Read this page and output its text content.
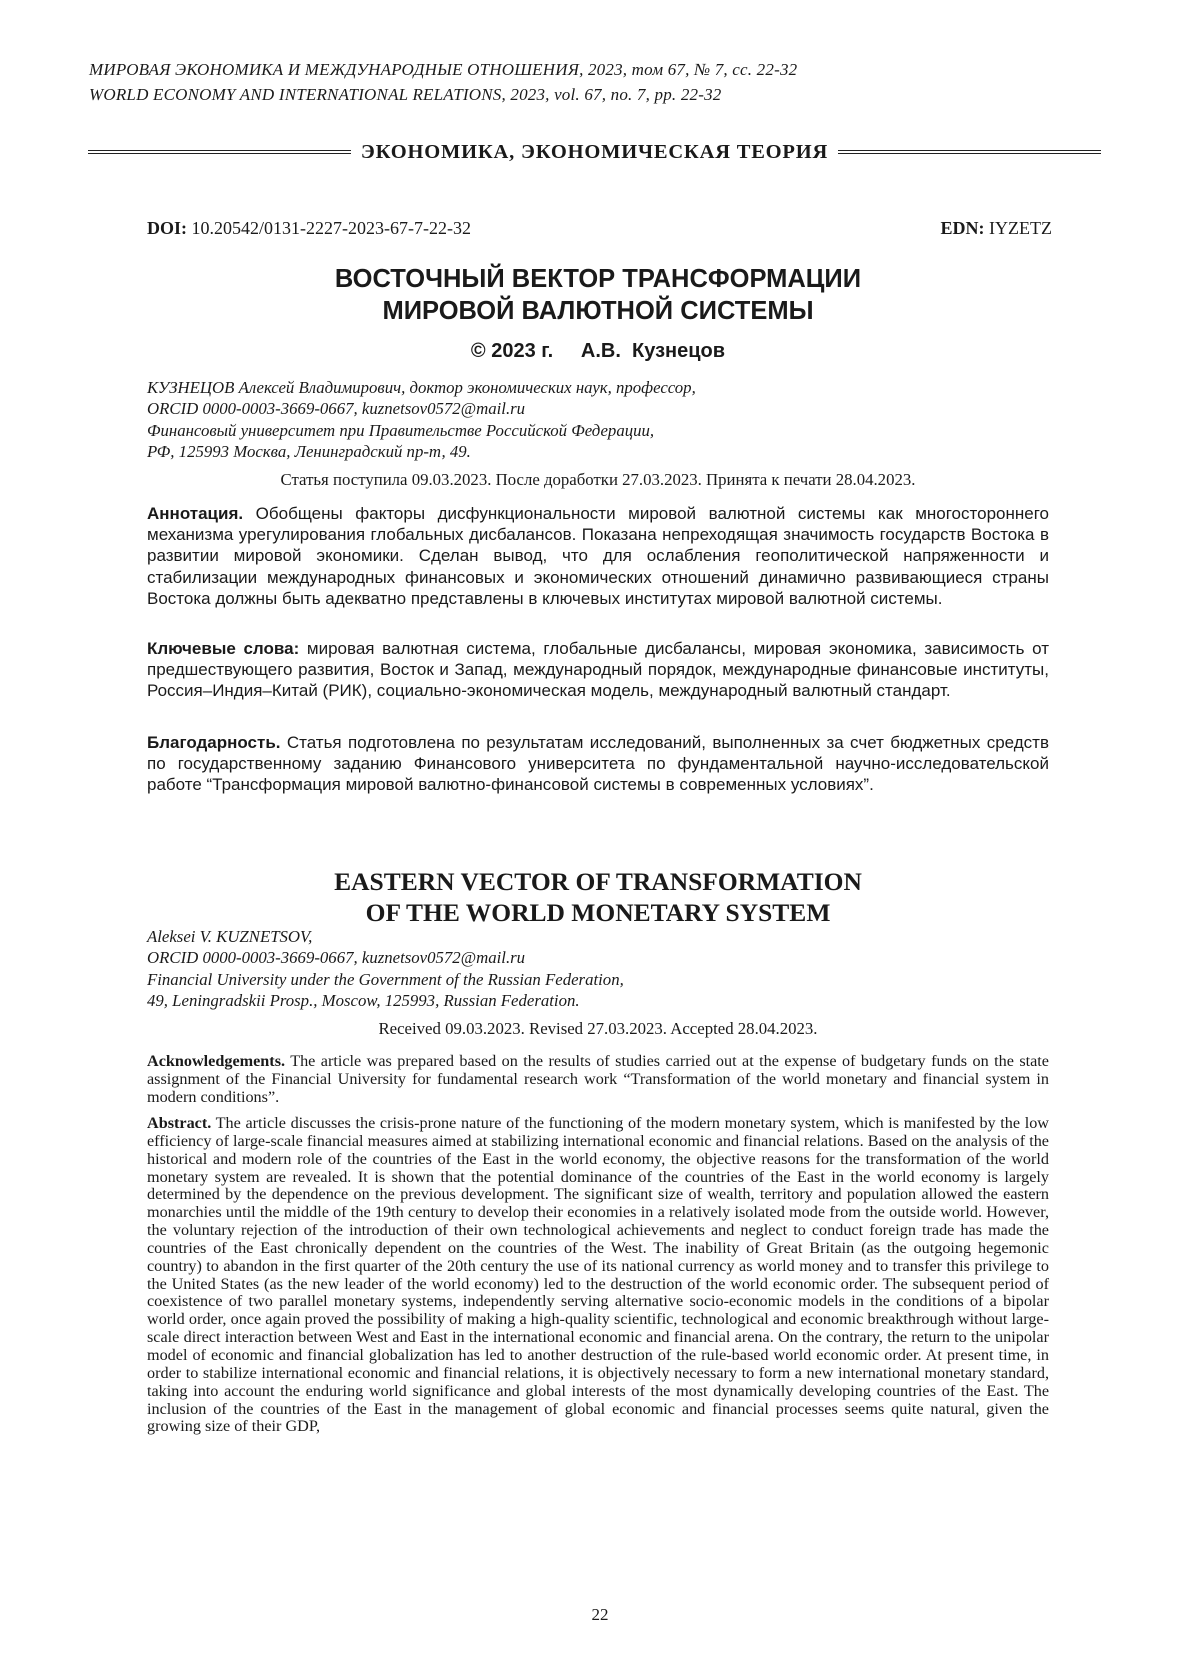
МИРОВАЯ ЭКОНОМИКА И МЕЖДУНАРОДНЫЕ ОТНОШЕНИЯ, 2023, том 67, № 7, сс. 22-32
WORLD ECONOMY AND INTERNATIONAL RELATIONS, 2023, vol. 67, no. 7, pp. 22-32
ЭКОНОМИКА, ЭКОНОМИЧЕСКАЯ ТЕОРИЯ
DOI: 10.20542/0131-2227-2023-67-7-22-32	EDN: IYZETZ
ВОСТОЧНЫЙ ВЕКТОР ТРАНСФОРМАЦИИ
МИРОВОЙ ВАЛЮТНОЙ СИСТЕМЫ
© 2023 г.     А.В.  Кузнецов
КУЗНЕЦОВ Алексей Владимирович, доктор экономических наук, профессор,
ORCID 0000-0003-3669-0667, kuznetsov0572@mail.ru
Финансовый университет при Правительстве Российской Федерации,
РФ, 125993 Москва, Ленинградский пр-т, 49.
Статья поступила 09.03.2023. После доработки 27.03.2023. Принята к печати 28.04.2023.
Аннотация. Обобщены факторы дисфункциональности мировой валютной системы как многостороннего механизма урегулирования глобальных дисбалансов. Показана непреходящая значимость государств Востока в развитии мировой экономики. Сделан вывод, что для ослабления геополитической напряженности и стабилизации международных финансовых и экономических отношений динамично развивающиеся страны Востока должны быть адекватно представлены в ключевых институтах мировой валютной системы.
Ключевые слова: мировая валютная система, глобальные дисбалансы, мировая экономика, зависимость от предшествующего развития, Восток и Запад, международный порядок, международные финансовые институты, Россия–Индия–Китай (РИК), социально-экономическая модель, международный валютный стандарт.
Благодарность. Статья подготовлена по результатам исследований, выполненных за счет бюджетных средств по государственному заданию Финансового университета по фундаментальной научно-исследовательской работе “Трансформация мировой валютно-финансовой системы в современных условиях”.
EASTERN VECTOR OF TRANSFORMATION
OF THE WORLD MONETARY SYSTEM
Aleksei V. KUZNETSOV,
ORCID 0000-0003-3669-0667, kuznetsov0572@mail.ru
Financial University under the Government of the Russian Federation,
49, Leningradskii Prosp., Moscow, 125993, Russian Federation.
Received 09.03.2023. Revised 27.03.2023. Accepted 28.04.2023.
Acknowledgements. The article was prepared based on the results of studies carried out at the expense of budgetary funds on the state assignment of the Financial University for fundamental research work “Transformation of the world monetary and financial system in modern conditions”.
Abstract. The article discusses the crisis-prone nature of the functioning of the modern monetary system, which is manifested by the low efficiency of large-scale financial measures aimed at stabilizing international economic and financial relations. Based on the analysis of the historical and modern role of the countries of the East in the world economy, the objective reasons for the transformation of the world monetary system are revealed. It is shown that the potential dominance of the countries of the East in the world economy is largely determined by the dependence on the previous development. The significant size of wealth, territory and population allowed the eastern monarchies until the middle of the 19th century to develop their economies in a relatively isolated mode from the outside world. However, the voluntary rejection of the introduction of their own technological achievements and neglect to conduct foreign trade has made the countries of the East chronically dependent on the countries of the West. The inability of Great Britain (as the outgoing hegemonic country) to abandon in the first quarter of the 20th century the use of its national currency as world money and to transfer this privilege to the United States (as the new leader of the world economy) led to the destruction of the world economic order. The subsequent period of coexistence of two parallel monetary systems, independently serving alternative socio-economic models in the conditions of a bipolar world order, once again proved the possibility of making a high-quality scientific, technological and economic breakthrough without large-scale direct interaction between West and East in the international economic and financial arena. On the contrary, the return to the unipolar model of economic and financial globalization has led to another destruction of the rule-based world economic order. At present time, in order to stabilize international economic and financial relations, it is objectively necessary to form a new international monetary standard, taking into account the enduring world significance and global interests of the most dynamically developing countries of the East. The inclusion of the countries of the East in the management of global economic and financial processes seems quite natural, given the growing size of their GDP,
22
